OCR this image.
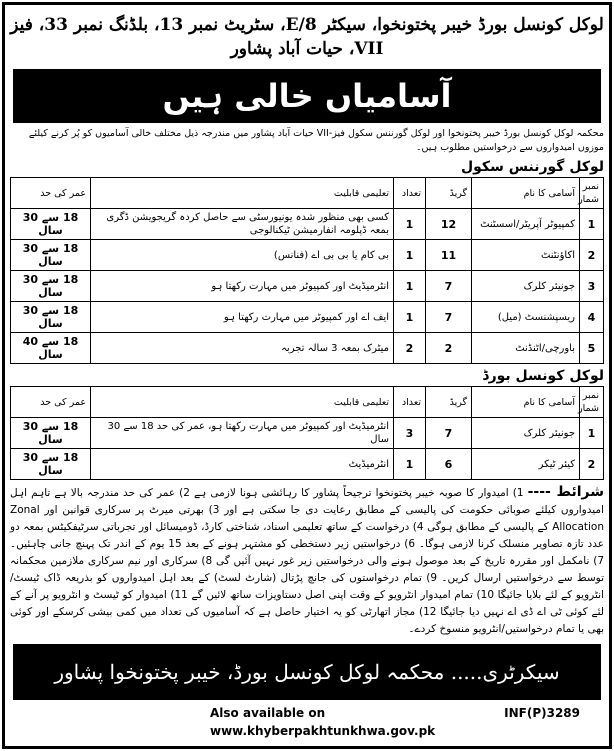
لوکل کونسل بورڈ خیبر پختونخوا، سیکٹر E/8، سٹریٹ نمبر 13، بلڈنگ نمبر 33، فیز VII، حیات آباد پشاور
آسامیاں خالی ہیں
محکمہ لوکل کونسل بورڈ خیبر پختونخوا اور لوکل گورننس سکول فیز-VII حیات آباد پشاور میں مندرجہ ذیل مختلف خالی آسامیوں کو پُر کرنے کیلئے موزوں امیدواروں سے درخواستیں مطلوب ہیں۔
لوکل گورننس سکول
نمبر شمار	آسامی کا نام	گریڈ	تعداد	تعلیمی قابلیت	عمر کی حد
1	کمپیوٹر آپریٹر/اسسٹنٹ	12	1	کسی بھی منظور شدہ یونیورسٹی سے حاصل کردہ گریجویشن ڈگری بمعہ ڈپلومہ انفارمیشن ٹیکنالوجی	18 سے 30 سال
2	اکاؤنٹنٹ	11	1	بی کام یا بی بی اے (فنانس)	18 سے 30 سال
3	جونیئر کلرک	7	1	انٹرمیڈیٹ اور کمپیوٹر میں مہارت رکھتا ہو	18 سے 30 سال
4	ریسپشنسٹ (میل)	7	1	ایف اے اور کمپیوٹر میں مہارت رکھتا ہو	18 سے 30 سال
5	باورچی/اٹنڈنٹ	2	2	میٹرک بمعہ 3 سالہ تجربہ	18 سے 40 سال
لوکل کونسل بورڈ
نمبر شمار	آسامی کا نام	گریڈ	تعداد	تعلیمی قابلیت	عمر کی حد
1	جونیئر کلرک	7	3	انٹرمیڈیٹ اور کمپیوٹر میں مہارت رکھتا ہو، عمر کی حد 18 سے 30 سال	18 سے 30 سال
2	کیئر ٹیکر	6	1	انٹرمیڈیٹ	18 سے 30 سال
شرائط ---- 1) امیدوار کا صوبہ خیبر پختونخوا ترجیحاً پشاور کا رہائشی ہونا لازمی ہے 2) عمر کی حد مندرجہ بالا ہے تاہم اہل امیدواروں کیلئے صوبائی حکومت کی پالیسی کے مطابق رعایت دی جا سکتی ہے اور 3) بھرتی میرٹ پر سرکاری قوانین اور Zonal Allocation کے پالیسی کے مطابق ہوگی 4) درخواست کے ساتھ تعلیمی اسناد، شناختی کارڈ، ڈومیسائل اور تجرباتی سرٹیفکیٹس بمعہ دو عدد تازہ تصاویر منسلک کرنا لازمی ہوگا۔ 6) درخواستیں زیر دستخطی کو مشتہر ہونے کے بعد 15 یوم کے اندر تک پہنچ جانی چاہئیں۔ 7) نامکمل اور مقررہ تاریخ کے بعد موصول ہونے والی درخواستیں زیر غور نہیں آئیں گی 8) سرکاری اور نیم سرکاری ملازمین محکمانہ توسط سے درخواستیں ارسال کریں۔ 9) تمام درخواستوں کی جانچ پڑتال (شارٹ لسٹ) کے بعد اہل امیدواروں کو بذریعہ ڈاک ٹیسٹ/انٹرویو کے لئے بلایا جائیگا 10) تمام امیدوار انٹرویو کے وقت اپنی اصل دستاویزات ساتھ لائیں گے 11) امیدوار کو ٹیسٹ و انٹرویو پر آنے کے لئے کوئی ٹی اے ڈی اے نہیں دیا جائیگا 12) مجاز اتھارٹی کو یہ اختیار حاصل ہے کہ آسامیوں کی تعداد میں کمی بیشی کرسکے اور کوئی بھی یا تمام درخواستیں/انٹرویو منسوخ کردے۔
سیکرٹری..... محکمہ لوکل کونسل بورڈ، خیبر پختونخوا پشاور
Also available on www.khyberpakhtunkhwa.gov.pk
INF(P)3289
